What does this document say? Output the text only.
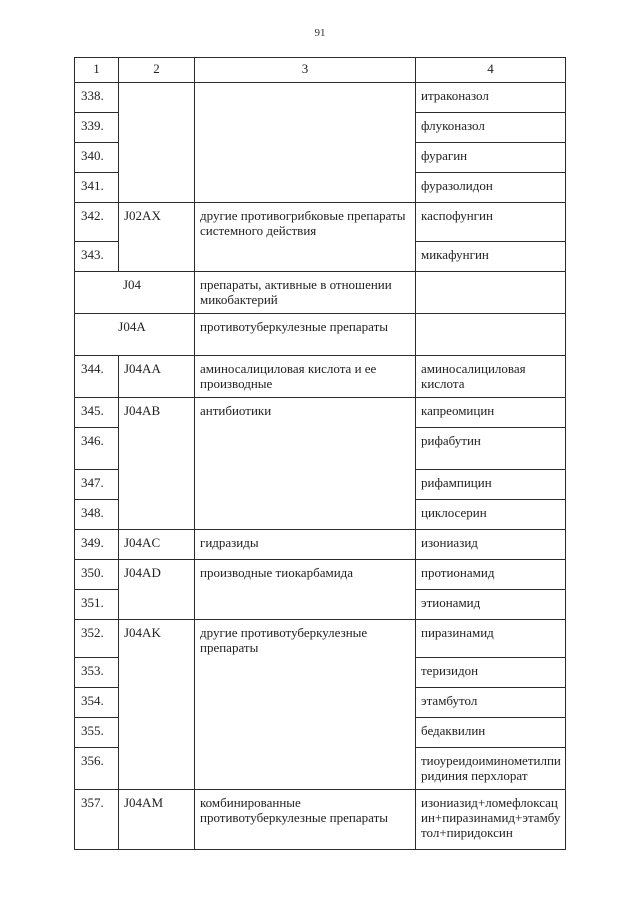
91
1	2	3	4
338.			итраконазол
339.			флуконазол
340.			фурагин
341.			фуразолидон
342.	J02AX	другие противогрибковые препараты системного действия	каспофунгин
343.			микафунгин
J04		препараты, активные в отношении микобактерий	
J04A		противотуберкулезные препараты	
344.	J04AA	аминосалициловая кислота и ее производные	аминосалициловая кислота
345.	J04AB	антибиотики	капреомицин
346.			рифабутин
347.			рифампицин
348.			циклосерин
349.	J04AC	гидразиды	изониазид
350.	J04AD	производные тиокарбамида	протионамид
351.			этионамид
352.	J04AK	другие противотуберкулезные препараты	пиразинамид
353.			теризидон
354.			этамбутол
355.			бедаквилин
356.			тиоуреидоиминометилпи ридиния перхлорат
357.	J04AM	комбинированные противотуберкулезные препараты	изониазид+ломефлоксац ин+пиразинамид+этамбу тол+пиридоксин
